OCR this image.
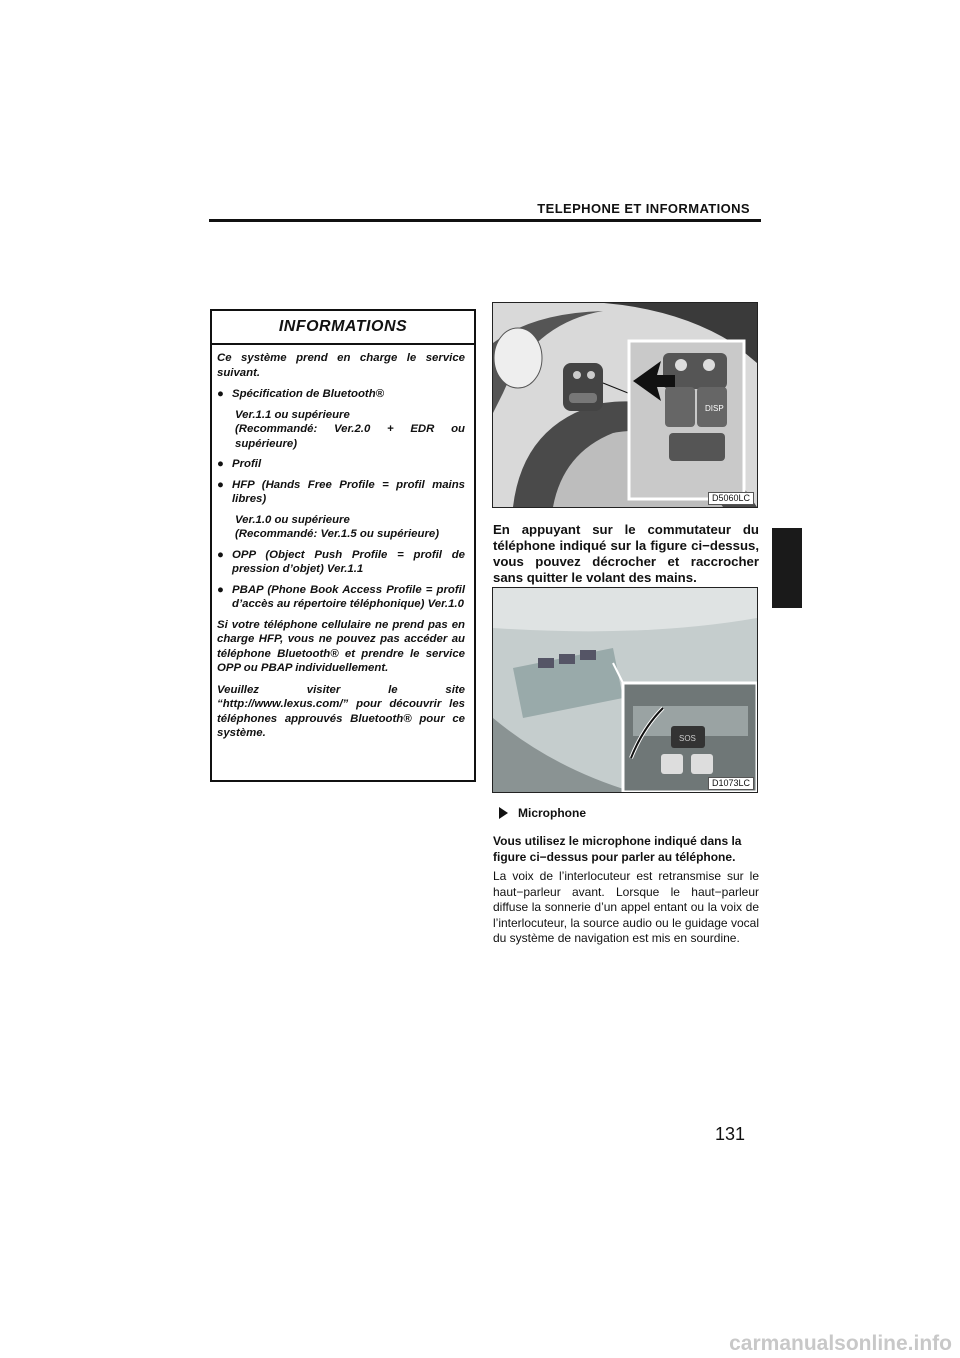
TELEPHONE ET INFORMATIONS
INFORMATIONS

Ce système prend en charge le service suivant.

● Spécification de Bluetooth®
Ver.1.1 ou supérieure
(Recommandé: Ver.2.0 + EDR ou supérieure)
● Profil
● HFP (Hands Free Profile = profil mains libres)
Ver.1.0 ou supérieure
(Recommandé: Ver.1.5 ou supérieure)
● OPP (Object Push Profile = profil de pression d’objet) Ver.1.1
● PBAP (Phone Book Access Profile = profil d’accès au répertoire téléphonique) Ver.1.0

Si votre téléphone cellulaire ne prend pas en charge HFP, vous ne pouvez pas accéder au téléphone Bluetooth® et prendre le service OPP ou PBAP individuellement.

Veuillez visiter le site “http://www.lexus.com/” pour découvrir les téléphones approuvés Bluetooth® pour ce système.

DISP
D5060LC
En appuyant sur le commutateur du téléphone indiqué sur la figure ci−dessus, vous pouvez décrocher et raccrocher sans quitter le volant des mains.
SOS
D1073LC
Microphone
Vous utilisez le microphone indiqué dans la figure ci−dessus pour parler au téléphone.
La voix de l’interlocuteur est retransmise sur le haut−parleur avant. Lorsque le haut−parleur diffuse la sonnerie d’un appel entant ou la voix de l’interlocuteur, la source audio ou le guidage vocal du système de navigation est mis en sourdine.
131
carmanualsonline.info
